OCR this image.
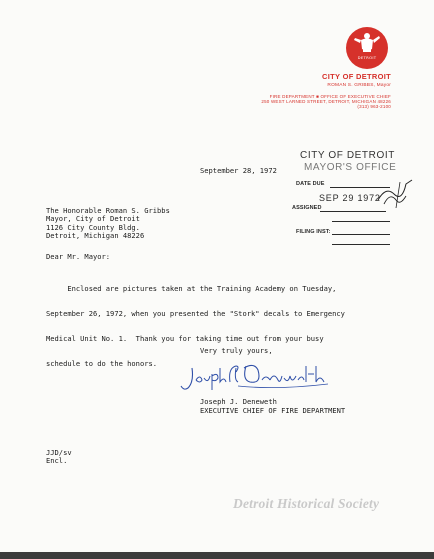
DETROIT
CITY OF DETROIT
ROMAN S. GRIBBS, Mayor
FIRE DEPARTMENT ■ OFFICE OF EXECUTIVE CHIEF
250 WEST LARNED STREET, DETROIT, MICHIGAN 48226
(313) 963-2100
September 28, 1972
CITY OF DETROIT
MAYOR'S OFFICE
DATE DUE
SEP 29 1972
ASSIGNED
FILING INST:
The Honorable Roman S. Gribbs
Mayor, City of Detroit
1126 City County Bldg.
Detroit, Michigan 48226
Dear Mr. Mayor:

Enclosed are pictures taken at the Training Academy on Tuesday,

September 26, 1972, when you presented the "Stork" decals to Emergency

Medical Unit No. 1.  Thank you for taking time out from your busy

schedule to do the honors.

Very truly yours,
Joseph J. Deneweth
EXECUTIVE CHIEF OF FIRE DEPARTMENT
JJD/sv
Encl.
Detroit Historical Society
